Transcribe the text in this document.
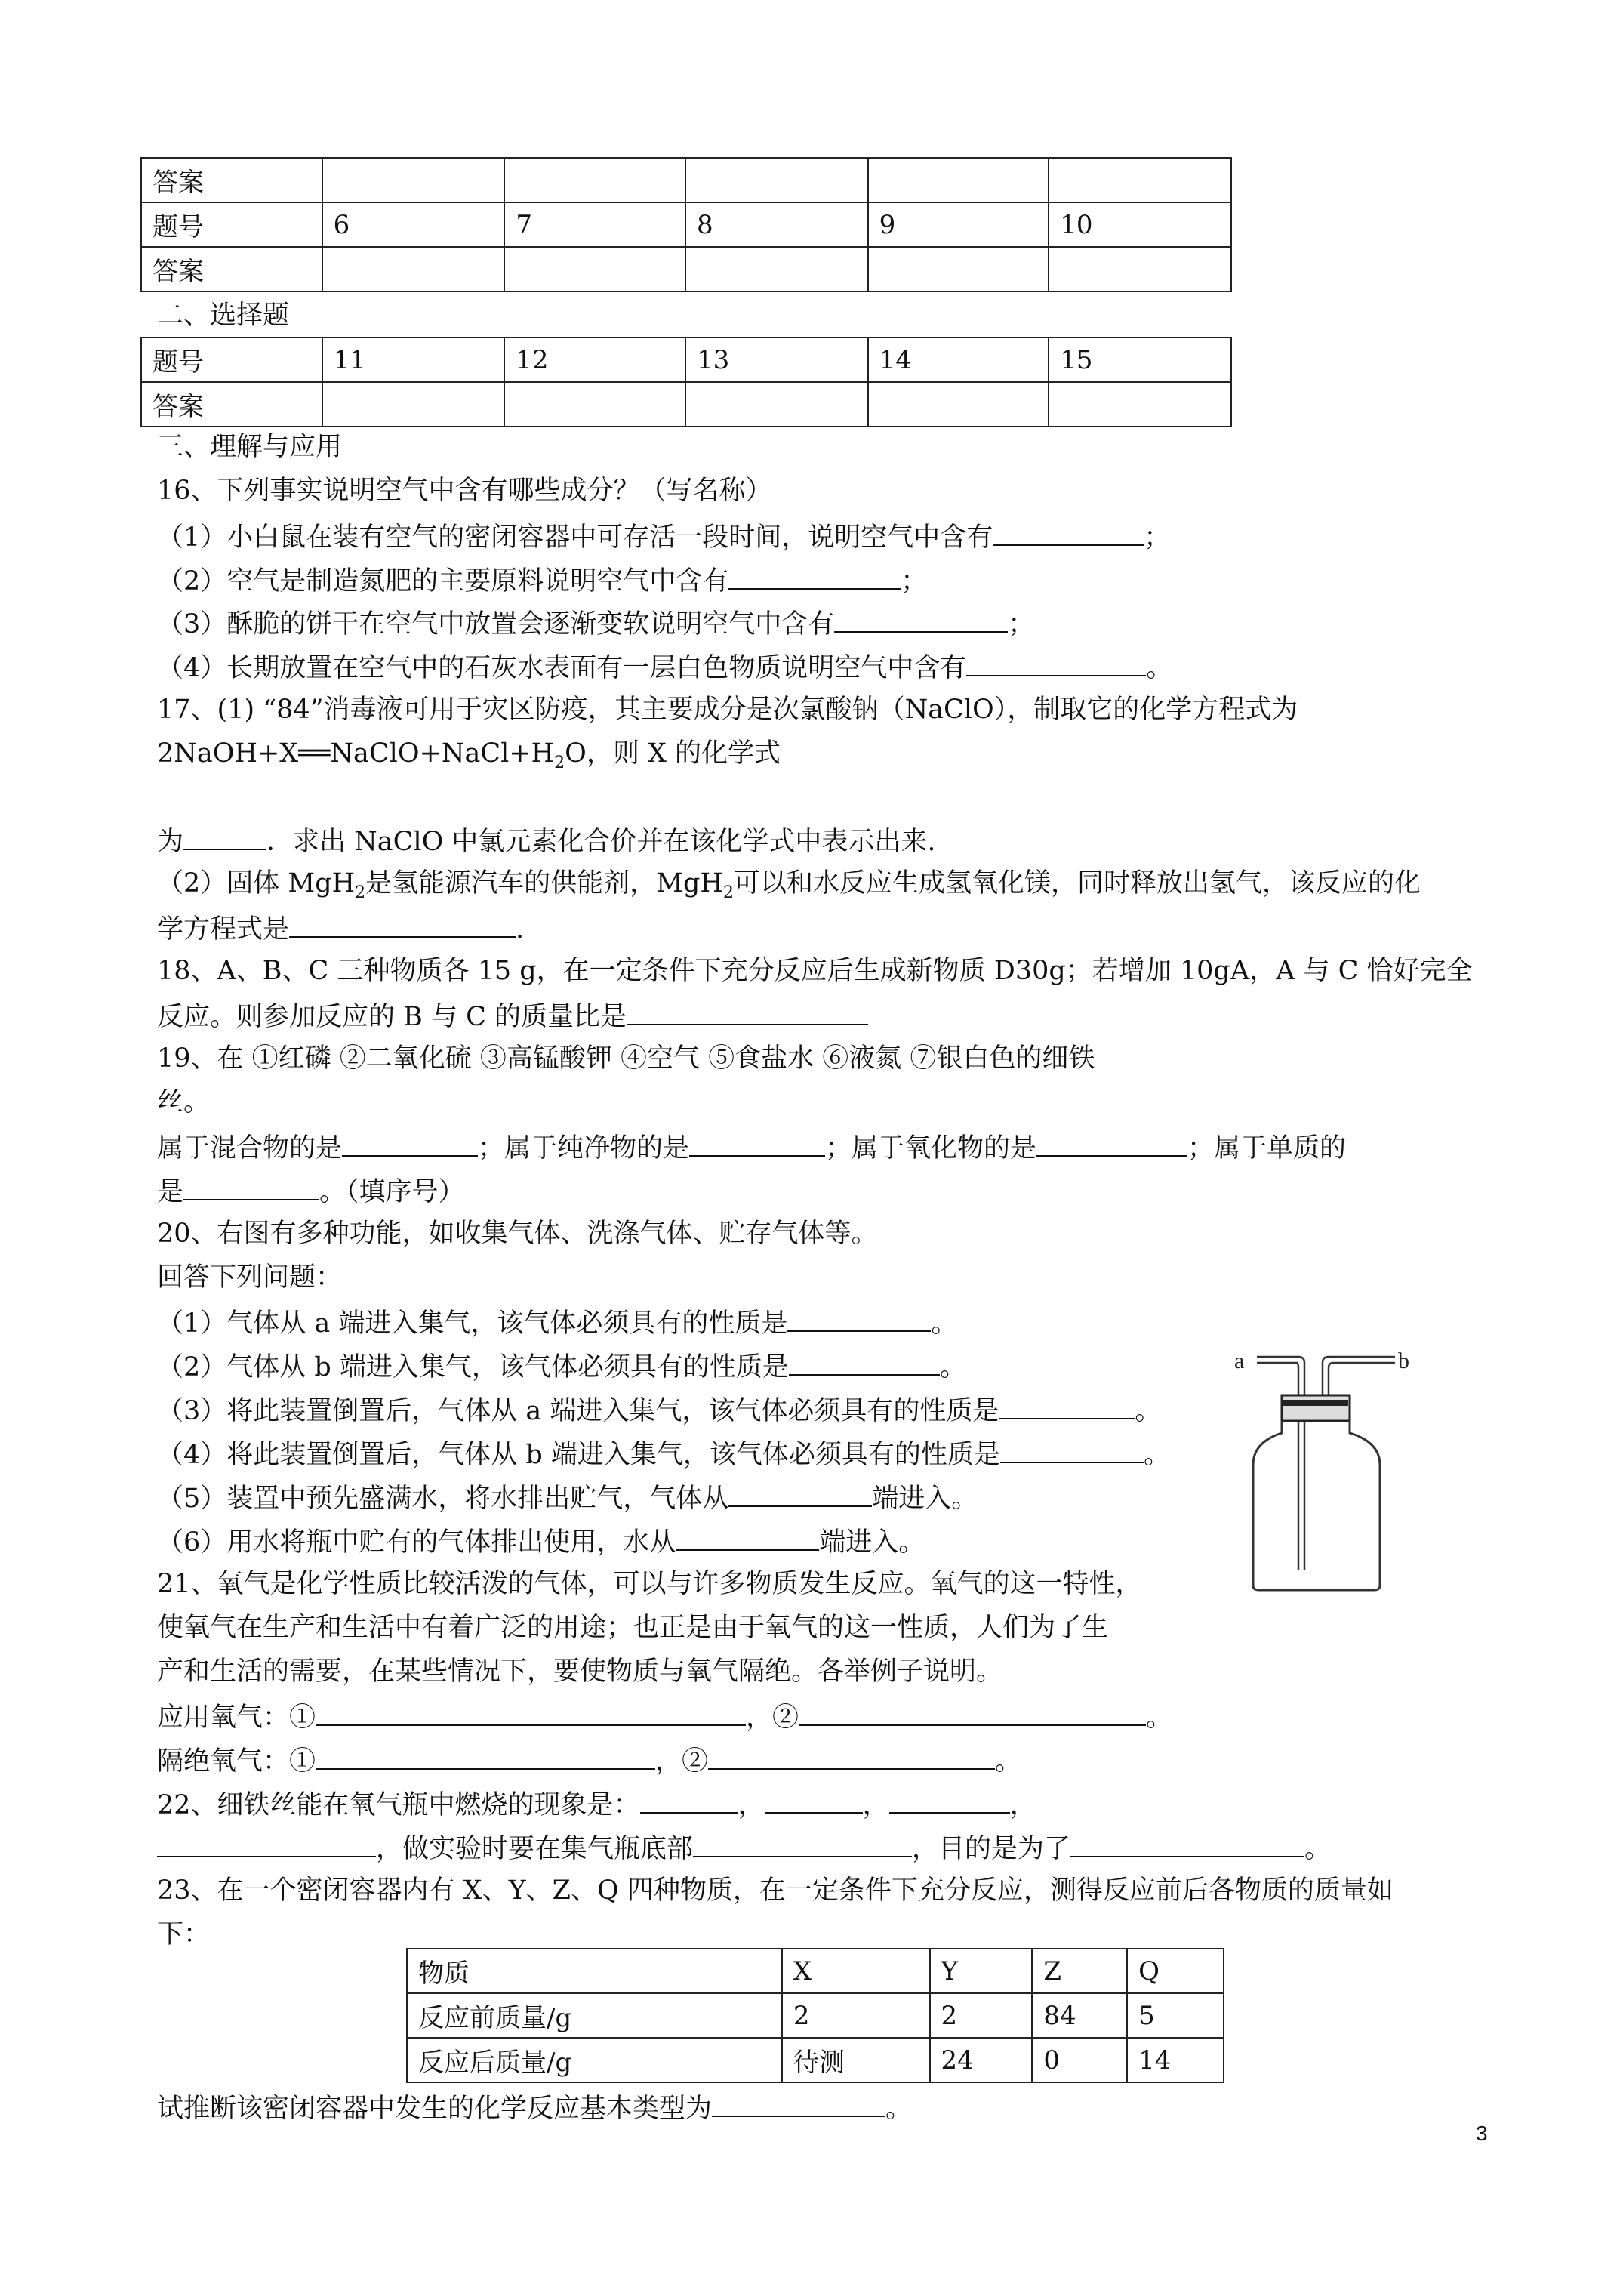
答案					
题号	6	7	8	9	10
答案					
二、选择题
题号	11	12	13	14	15
答案					
三、理解与应用
16、下列事实说明空气中含有哪些成分？（写名称）
（1）小白鼠在装有空气的密闭容器中可存活一段时间，说明空气中含有	；
（2）空气是制造氮肥的主要原料说明空气中含有	；
（3）酥脆的饼干在空气中放置会逐渐变软说明空气中含有	；
（4）长期放置在空气中的石灰水表面有一层白色物质说明空气中含有	。
17、(1) “84”消毒液可用于灾区防疫，其主要成分是次氯酸钠（NaClO），制取它的化学方程式为
$2NaOH+X══NaClO+NaCl+H_2O$，则 X 的化学式
为	．求出 NaClO 中氯元素化合价并在该化学式中表示出来.
（2）固体 MgH$_2$是氢能源汽车的供能剂，MgH$_2$可以和水反应生成氢氧化镁，同时释放出氢气，该反应的化
学方程式是	.
18、A、B、C 三种物质各 15 g，在一定条件下充分反应后生成新物质 D30g；若增加 10gA，A 与 C 恰好完全
反应。则参加反应的 B 与 C 的质量比是
19、在 ①红磷 ②二氧化硫 ③高锰酸钾 ④空气 ⑤食盐水 ⑥液氮 ⑦银白色的细铁
丝。
属于混合物的是	；属于纯净物的是	；属于氧化物的是	；属于单质的
是	。（填序号）
20、右图有多种功能，如收集气体、洗涤气体、贮存气体等。
回答下列问题：
（1）气体从 a 端进入集气，该气体必须具有的性质是	。
（2）气体从 b 端进入集气，该气体必须具有的性质是	。
（3）将此装置倒置后，气体从 a 端进入集气，该气体必须具有的性质是	。
（4）将此装置倒置后，气体从 b 端进入集气，该气体必须具有的性质是	。
（5）装置中预先盛满水，将水排出贮气，气体从	端进入。
（6）用水将瓶中贮有的气体排出使用，水从	端进入。
a	b
21、氧气是化学性质比较活泼的气体，可以与许多物质发生反应。氧气的这一特性，
使氧气在生产和生活中有着广泛的用途；也正是由于氧气的这一性质，人们为了生
产和生活的需要，在某些情况下，要使物质与氧气隔绝。各举例子说明。
应用氧气：①	，②	。
隔绝氧气：①	，②	。
22、细铁丝能在氧气瓶中燃烧的现象是：	，	，	，
，做实验时要在集气瓶底部	，目的是为了	。
23、在一个密闭容器内有 X、Y、Z、Q 四种物质，在一定条件下充分反应，测得反应前后各物质的质量如
下：
物质	X	Y	Z	Q
反应前质量/g	2	2	84	5
反应后质量/g	待测	24	0	14
试推断该密闭容器中发生的化学反应基本类型为	。
3
